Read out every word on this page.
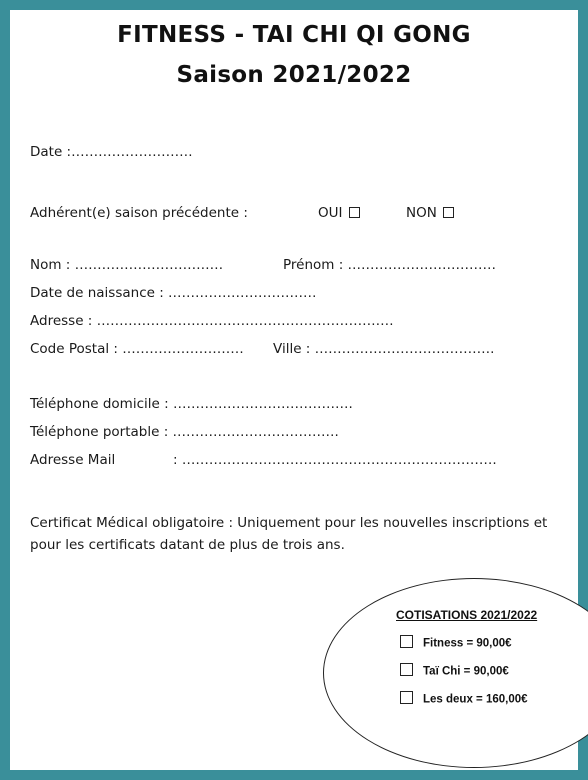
FITNESS - TAI CHI QI GONG
Saison 2021/2022
Date :………………………
Adhérent(e) saison précédente :	OUI	NON
Nom : ……………………………	Prénom : ……………………………
Date de naissance : ……………………………
Adresse : …………………………………………………………
Code Postal : ……………………… Ville : ………………………………….
Téléphone domicile : ………………………………….
Téléphone portable : ……………………………….
Adresse Mail	: …………………………………………………………….
Certificat Médical obligatoire : Uniquement pour les nouvelles inscriptions et pour les certificats datant de plus de trois ans.
COTISATIONS 2021/2022
Fitness = 90,00€
Taï Chi = 90,00€
Les deux = 160,00€
